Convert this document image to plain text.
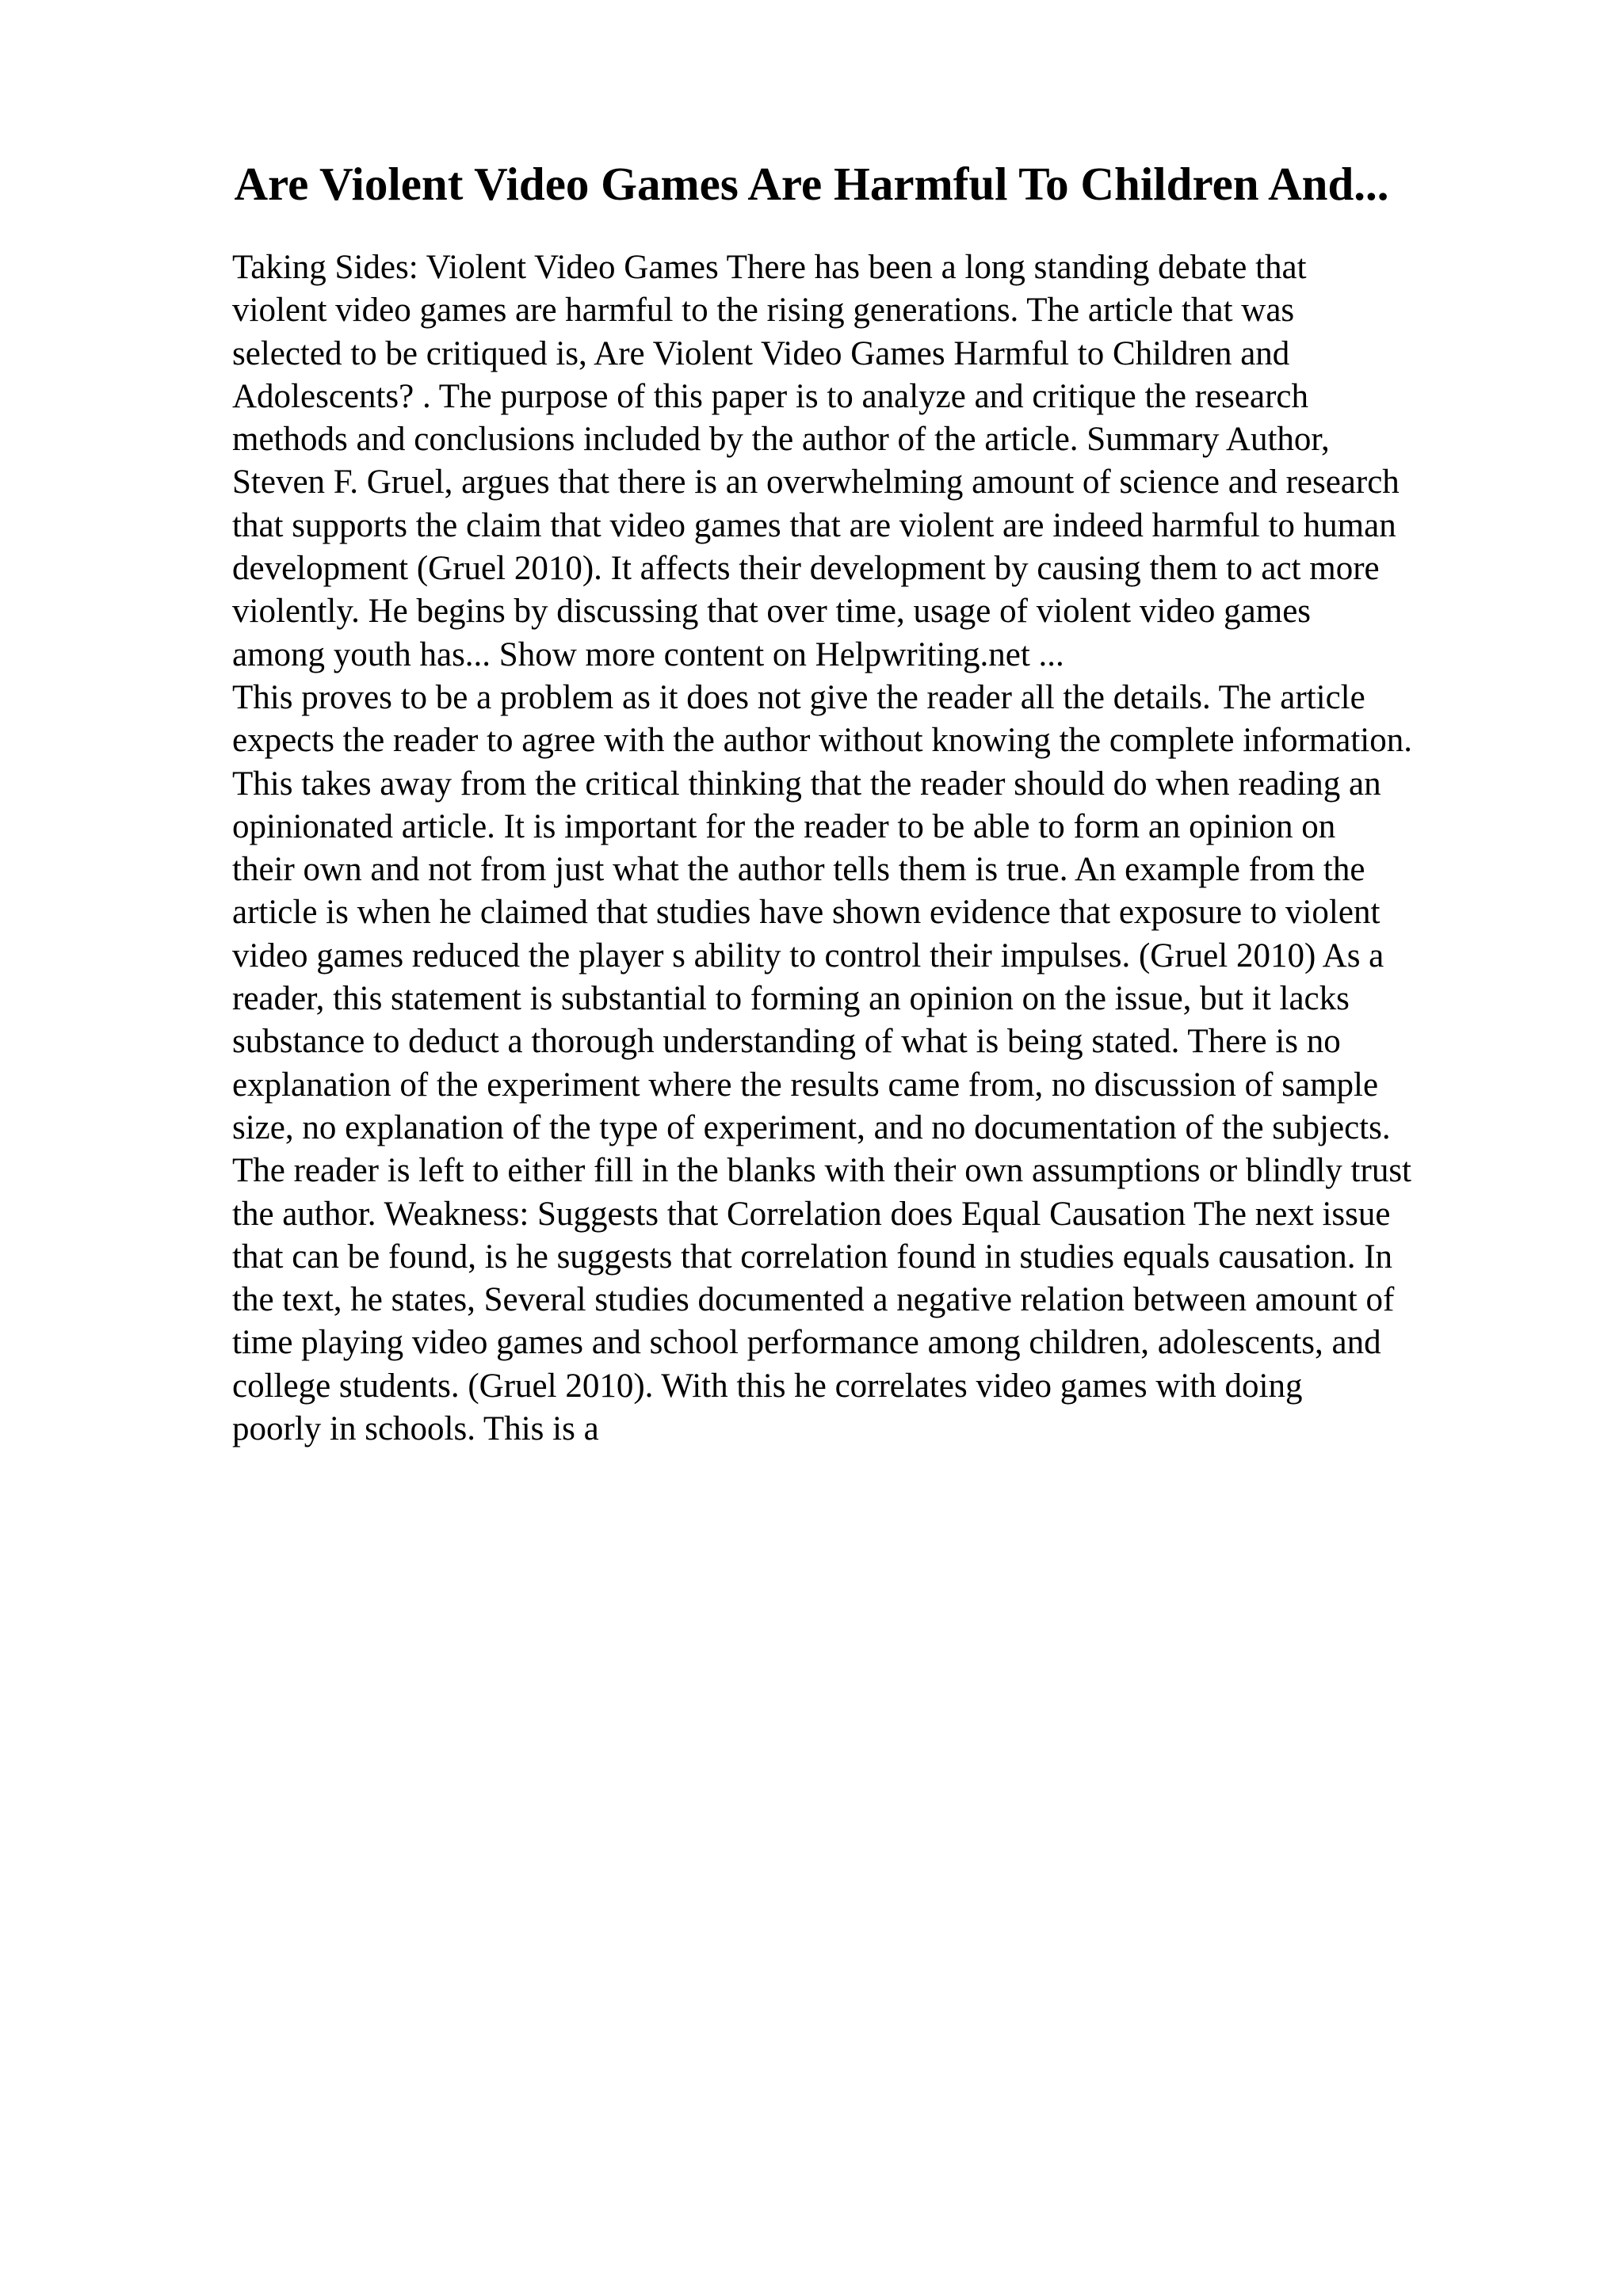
Are Violent Video Games Are Harmful To Children And...
Taking Sides: Violent Video Games There has been a long standing debate that
violent video games are harmful to the rising generations. The article that was
selected to be critiqued is, Are Violent Video Games Harmful to Children and
Adolescents? . The purpose of this paper is to analyze and critique the research
methods and conclusions included by the author of the article. Summary Author,
Steven F. Gruel, argues that there is an overwhelming amount of science and research
that supports the claim that video games that are violent are indeed harmful to human
development (Gruel 2010). It affects their development by causing them to act more
violently. He begins by discussing that over time, usage of violent video games
among youth has... Show more content on Helpwriting.net ...
This proves to be a problem as it does not give the reader all the details. The article
expects the reader to agree with the author without knowing the complete information.
This takes away from the critical thinking that the reader should do when reading an
opinionated article. It is important for the reader to be able to form an opinion on
their own and not from just what the author tells them is true. An example from the
article is when he claimed that studies have shown evidence that exposure to violent
video games reduced the player s ability to control their impulses. (Gruel 2010) As a
reader, this statement is substantial to forming an opinion on the issue, but it lacks
substance to deduct a thorough understanding of what is being stated. There is no
explanation of the experiment where the results came from, no discussion of sample
size, no explanation of the type of experiment, and no documentation of the subjects.
The reader is left to either fill in the blanks with their own assumptions or blindly trust
the author. Weakness: Suggests that Correlation does Equal Causation The next issue
that can be found, is he suggests that correlation found in studies equals causation. In
the text, he states, Several studies documented a negative relation between amount of
time playing video games and school performance among children, adolescents, and
college students. (Gruel 2010). With this he correlates video games with doing
poorly in schools. This is a
